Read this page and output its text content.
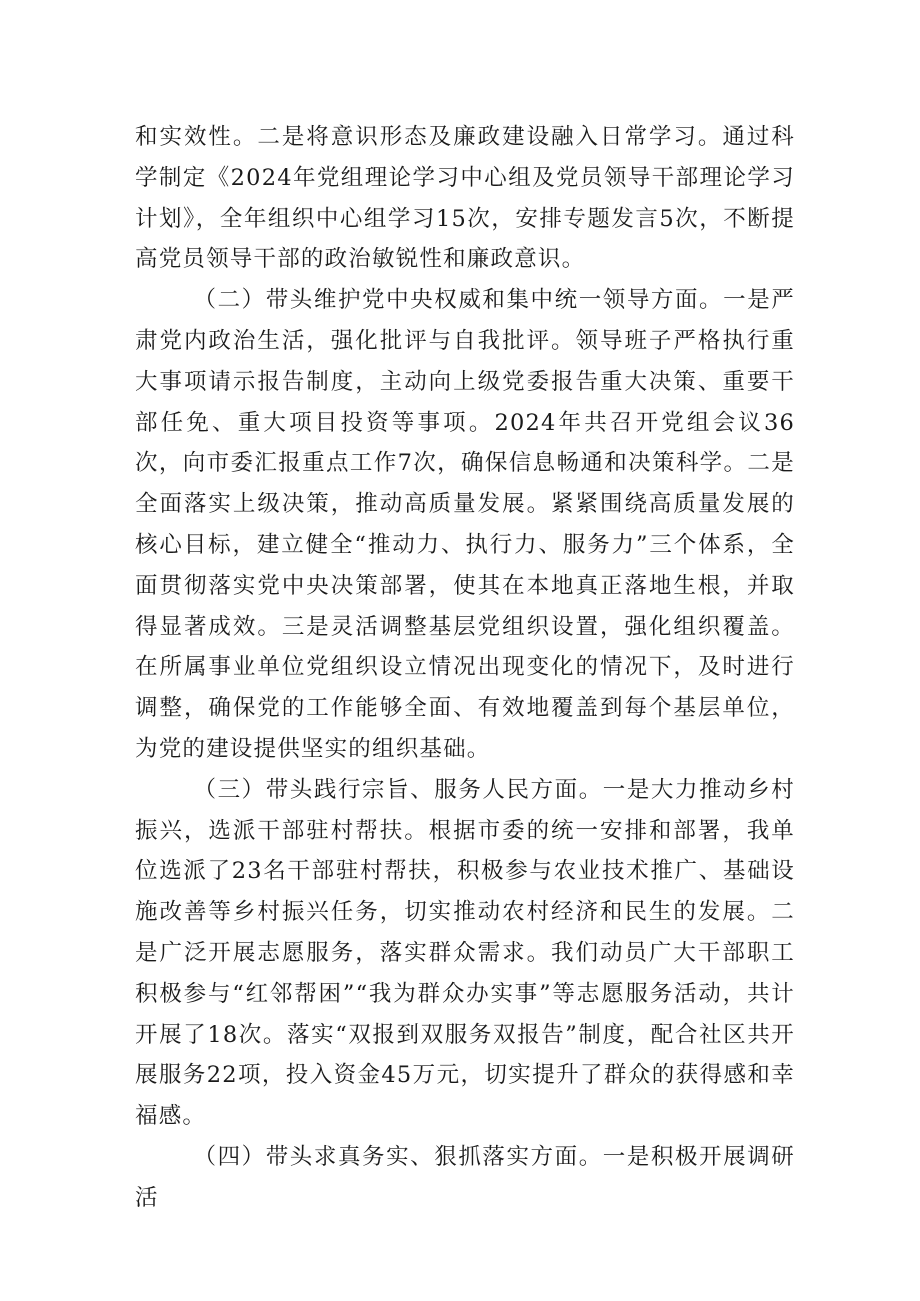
和实效性。二是将意识形态及廉政建设融入日常学习。通过科学制定《2024年党组理论学习中心组及党员领导干部理论学习计划》，全年组织中心组学习15次，安排专题发言5次，不断提高党员领导干部的政治敏锐性和廉政意识。

（二）带头维护党中央权威和集中统一领导方面。一是严肃党内政治生活，强化批评与自我批评。领导班子严格执行重大事项请示报告制度，主动向上级党委报告重大决策、重要干部任免、重大项目投资等事项。2024年共召开党组会议36次，向市委汇报重点工作7次，确保信息畅通和决策科学。二是全面落实上级决策，推动高质量发展。紧紧围绕高质量发展的核心目标，建立健全“推动力、执行力、服务力”三个体系，全面贯彻落实党中央决策部署，使其在本地真正落地生根，并取得显著成效。三是灵活调整基层党组织设置，强化组织覆盖。在所属事业单位党组织设立情况出现变化的情况下，及时进行调整，确保党的工作能够全面、有效地覆盖到每个基层单位，为党的建设提供坚实的组织基础。

（三）带头践行宗旨、服务人民方面。一是大力推动乡村振兴，选派干部驻村帮扶。根据市委的统一安排和部署，我单位选派了23名干部驻村帮扶，积极参与农业技术推广、基础设施改善等乡村振兴任务，切实推动农村经济和民生的发展。二是广泛开展志愿服务，落实群众需求。我们动员广大干部职工积极参与“红邻帮困”“我为群众办实事”等志愿服务活动，共计开展了18次。落实“双报到双服务双报告”制度，配合社区共开展服务22项，投入资金45万元，切实提升了群众的获得感和幸福感。

（四）带头求真务实、狠抓落实方面。一是积极开展调研活
